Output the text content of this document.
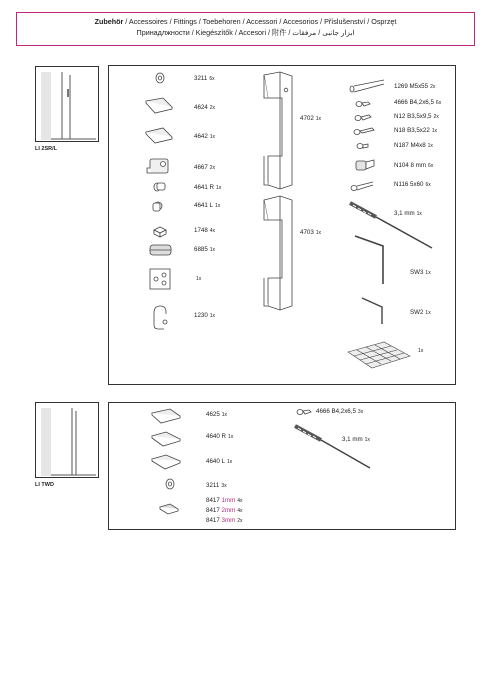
Zubehör / Accessoires / Fittings / Toebehoren / Accessori / Accesorios / Příslušenství / Osprzęt
Принадлжности / Kiegészítők / Accesori / 附件 / ابزار جانبی / مرفقات
LI 2SR/L
3211 6x
4624 2x
4642 1x
4667 2x
4641 R 1x
4641 L 1x
1748 4x
6885 1x
1x
1230 1x
4702 1x
4703 1x
1269 M5x55 2x
4666 B4,2x6,5 6x
N12 B3,5x9,5 2x
N18 B3,5x22 1x
N187 M4x8 1x
N104 8 mm 6x
N116 5x60 6x
3,1 mm 1x
SW3 1x
SW2 1x
1x
LI TWD
4625 1x
4640 R 1x
4640 L 1x
3211 3x
8417 1mm 4x
8417 2mm 4x
8417 3mm 2x
4666 B4,2x6,5 3x
3,1 mm 1x
